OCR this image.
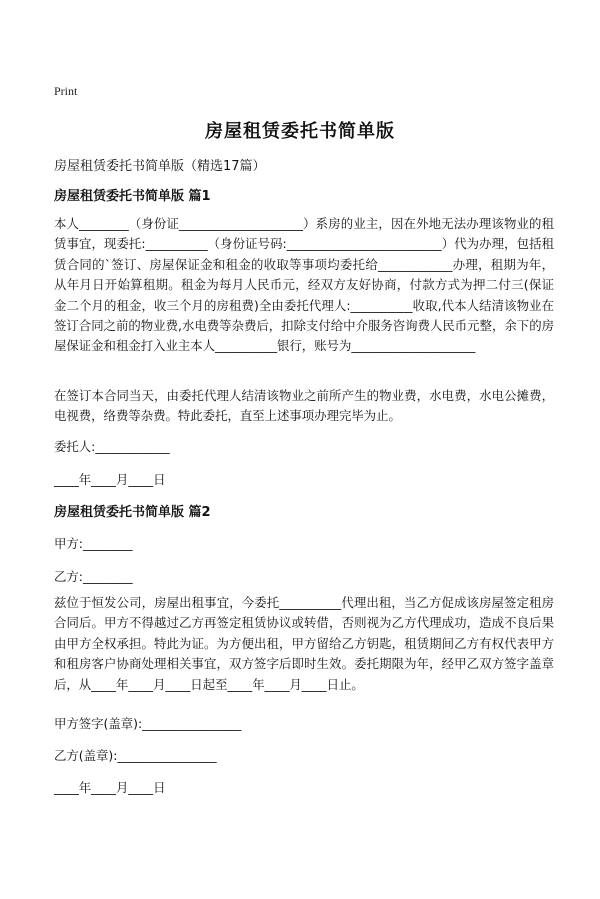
Print
房屋租赁委托书简单版
房屋租赁委托书简单版（精选17篇）
房屋租赁委托书简单版 篇1
本人________（身份证____________________）系房的业主，因在外地无法办理该物业的租赁事宜，现委托:__________（身份证号码:_________________________）代为办理，包括租赁合同的`签订、房屋保证金和租金的收取等事项均委托给____________办理，租期为年，从年月日开始算租期。租金为每月人民币元，经双方友好协商，付款方式为押二付三(保证金二个月的租金，收三个月的房租费)全由委托代理人:__________收取,代本人结清该物业在签订合同之前的物业费,水电费等杂费后，扣除支付给中介服务咨询费人民币元整，余下的房屋保证金和租金打入业主本人__________银行，账号为____________________
在签订本合同当天，由委托代理人结清该物业之前所产生的物业费，水电费，水电公摊费，电视费，络费等杂费。特此委托，直至上述事项办理完毕为止。
委托人:____________
____年____月____日
房屋租赁委托书简单版 篇2
甲方:________
乙方:________
兹位于恒发公司，房屋出租事宜，今委托__________代理出租，当乙方促成该房屋签定租房合同后。甲方不得越过乙方再签定租赁协议或转借，否则视为乙方代理成功，造成不良后果由甲方全权承担。特此为证。为方便出租，甲方留给乙方钥匙，租赁期间乙方有权代表甲方和租房客户协商处理相关事宜，双方签字后即时生效。委托期限为年，经甲乙双方签字盖章后，从____年____月____日起至____年____月____日止。
甲方签字(盖章):________________
乙方(盖章):________________
____年____月____日
